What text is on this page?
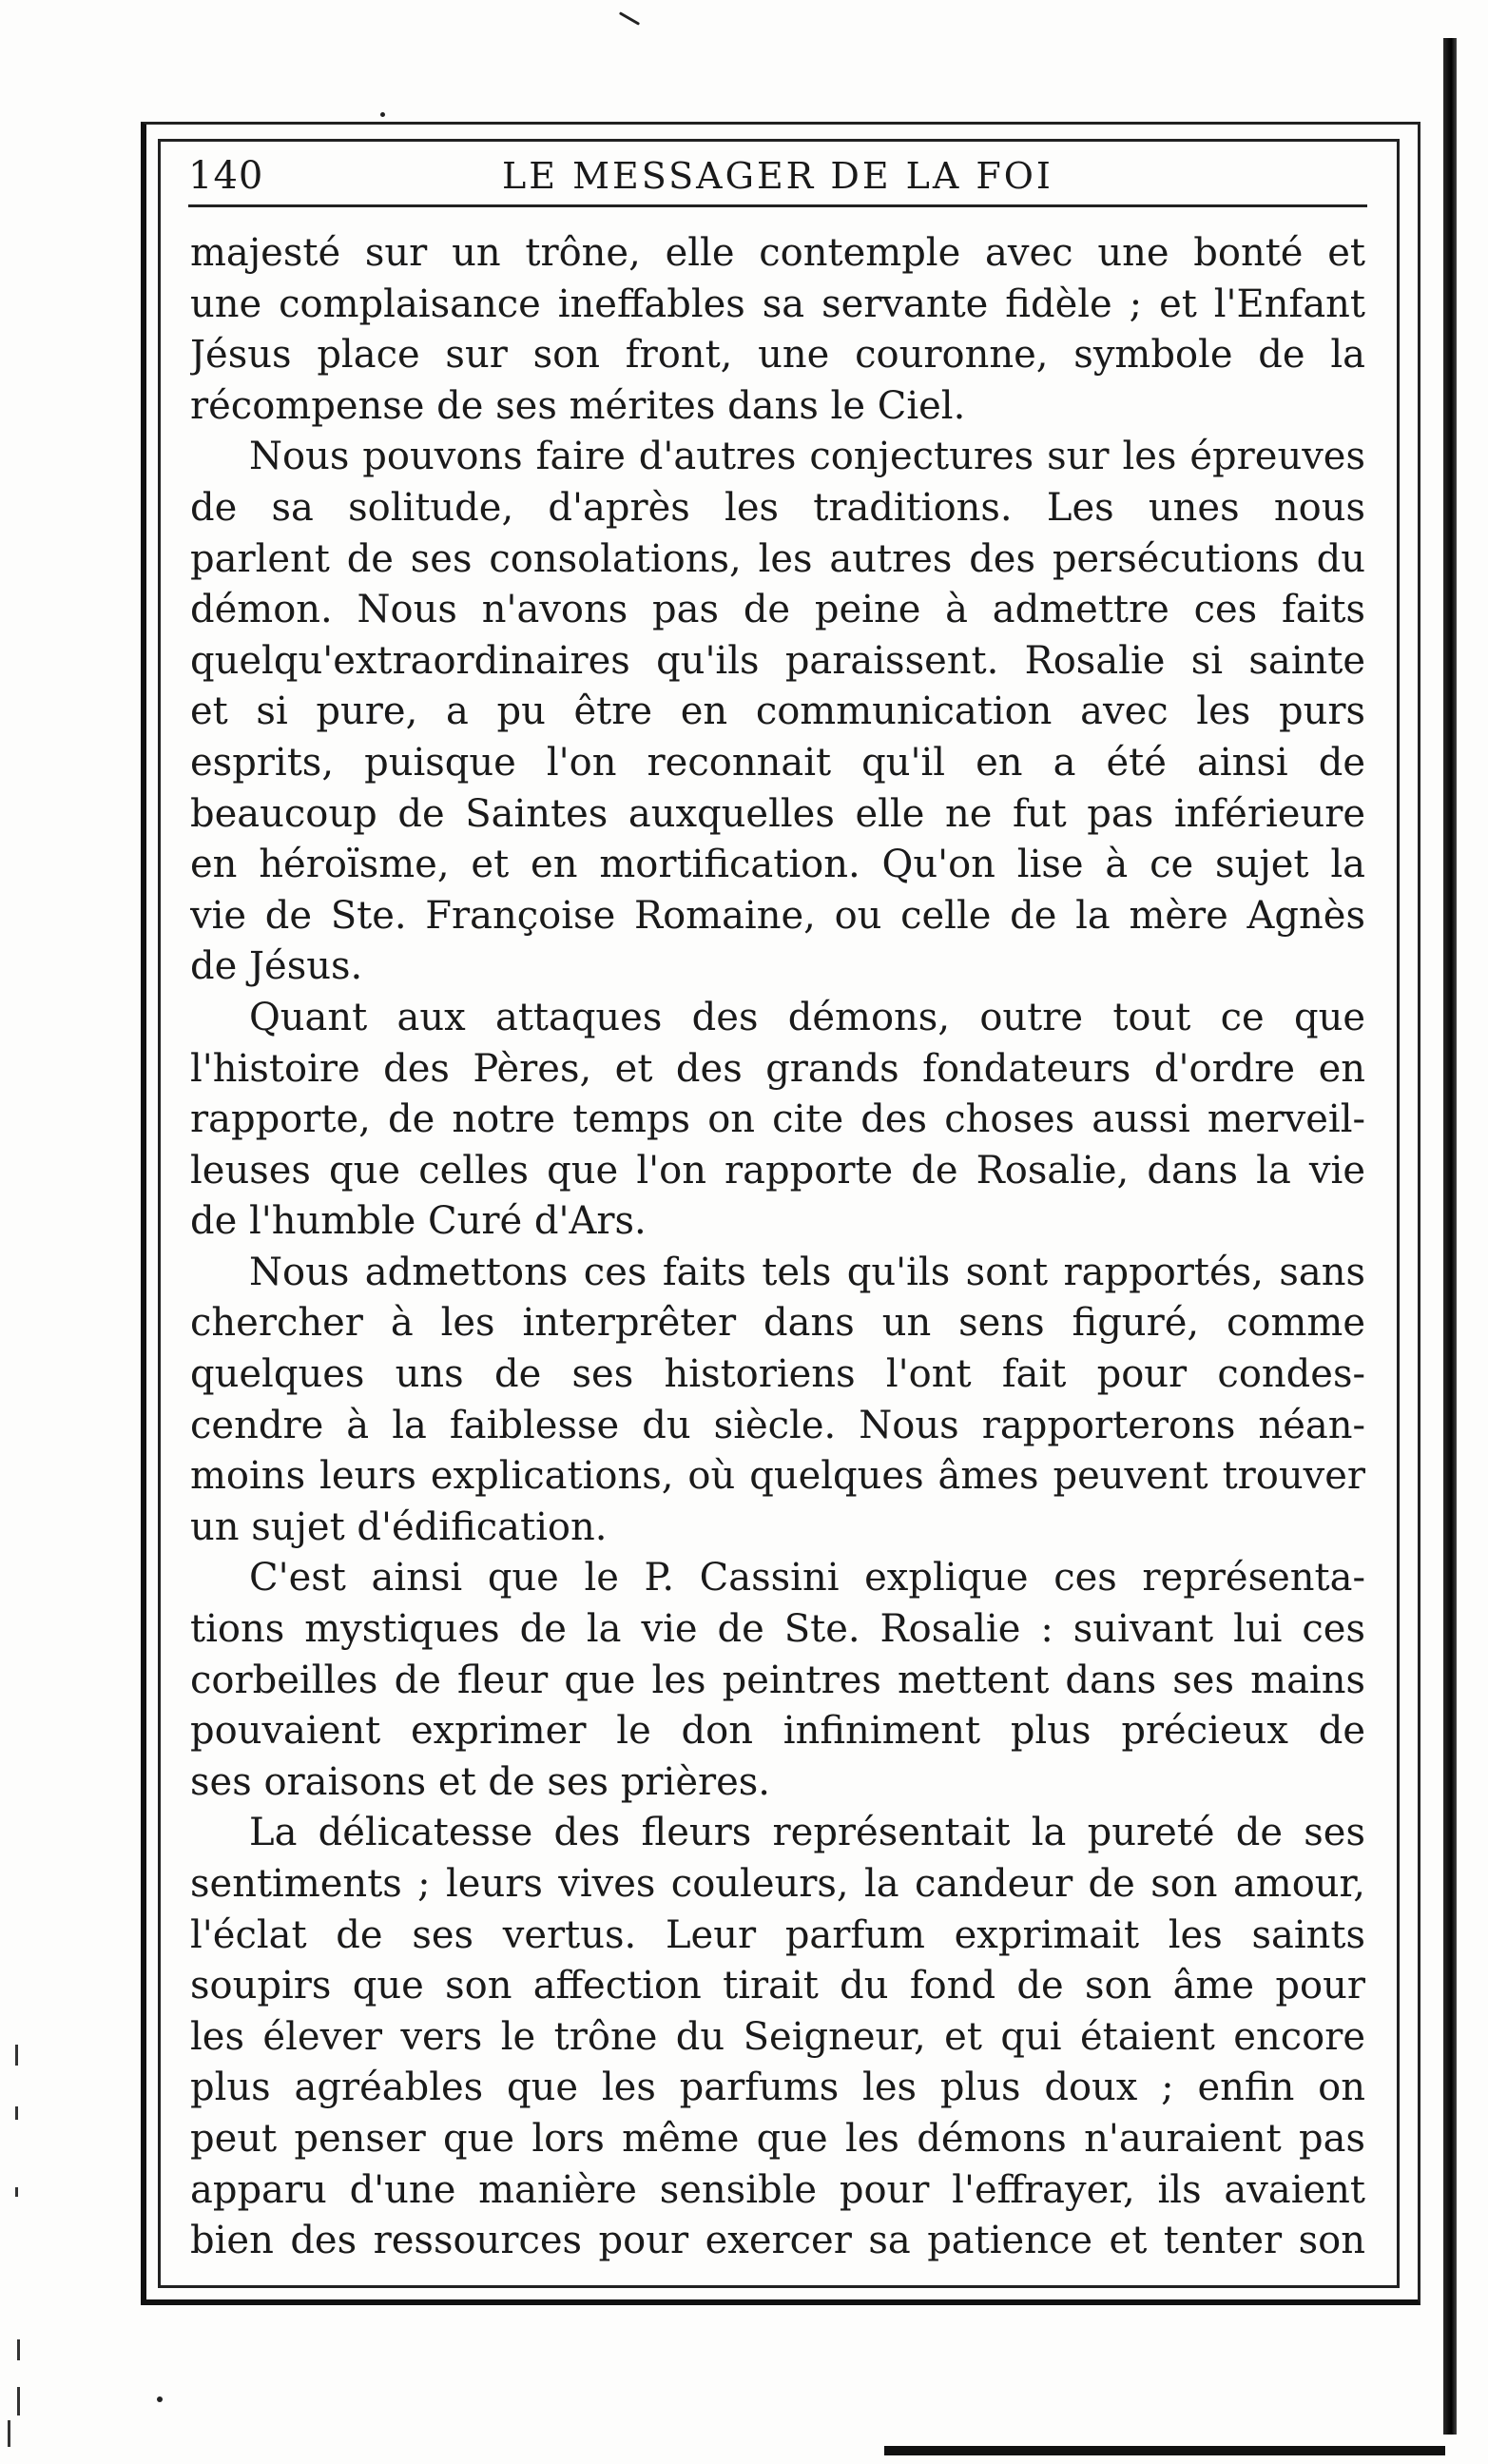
140	LE MESSAGER DE LA FOI
majesté sur un trône, elle contemple avec une bonté et
une complaisance ineffables sa servante fidèle ; et l'Enfant
Jésus place sur son front, une couronne, symbole de la
récompense de ses mérites dans le Ciel.
Nous pouvons faire d'autres conjectures sur les épreuves
de sa solitude, d'après les traditions. Les unes nous
parlent de ses consolations, les autres des persécutions du
démon. Nous n'avons pas de peine à admettre ces faits
quelqu'extraordinaires qu'ils paraissent. Rosalie si sainte
et si pure, a pu être en communication avec les purs
esprits, puisque l'on reconnait qu'il en a été ainsi de
beaucoup de Saintes auxquelles elle ne fut pas inférieure
en héroïsme, et en mortification. Qu'on lise à ce sujet la
vie de Ste. Françoise Romaine, ou celle de la mère Agnès
de Jésus.
Quant aux attaques des démons, outre tout ce que
l'histoire des Pères, et des grands fondateurs d'ordre en
rapporte, de notre temps on cite des choses aussi merveil-
leuses que celles que l'on rapporte de Rosalie, dans la vie
de l'humble Curé d'Ars.
Nous admettons ces faits tels qu'ils sont rapportés, sans
chercher à les interprêter dans un sens figuré, comme
quelques uns de ses historiens l'ont fait pour condes-
cendre à la faiblesse du siècle. Nous rapporterons néan-
moins leurs explications, où quelques âmes peuvent trouver
un sujet d'édification.
C'est ainsi que le P. Cassini explique ces représenta-
tions mystiques de la vie de Ste. Rosalie : suivant lui ces
corbeilles de fleur que les peintres mettent dans ses mains
pouvaient exprimer le don infiniment plus précieux de
ses oraisons et de ses prières.
La délicatesse des fleurs représentait la pureté de ses
sentiments ; leurs vives couleurs, la candeur de son amour,
l'éclat de ses vertus. Leur parfum exprimait les saints
soupirs que son affection tirait du fond de son âme pour
les élever vers le trône du Seigneur, et qui étaient encore
plus agréables que les parfums les plus doux ; enfin on
peut penser que lors même que les démons n'auraient pas
apparu d'une manière sensible pour l'effrayer, ils avaient
bien des ressources pour exercer sa patience et tenter son
